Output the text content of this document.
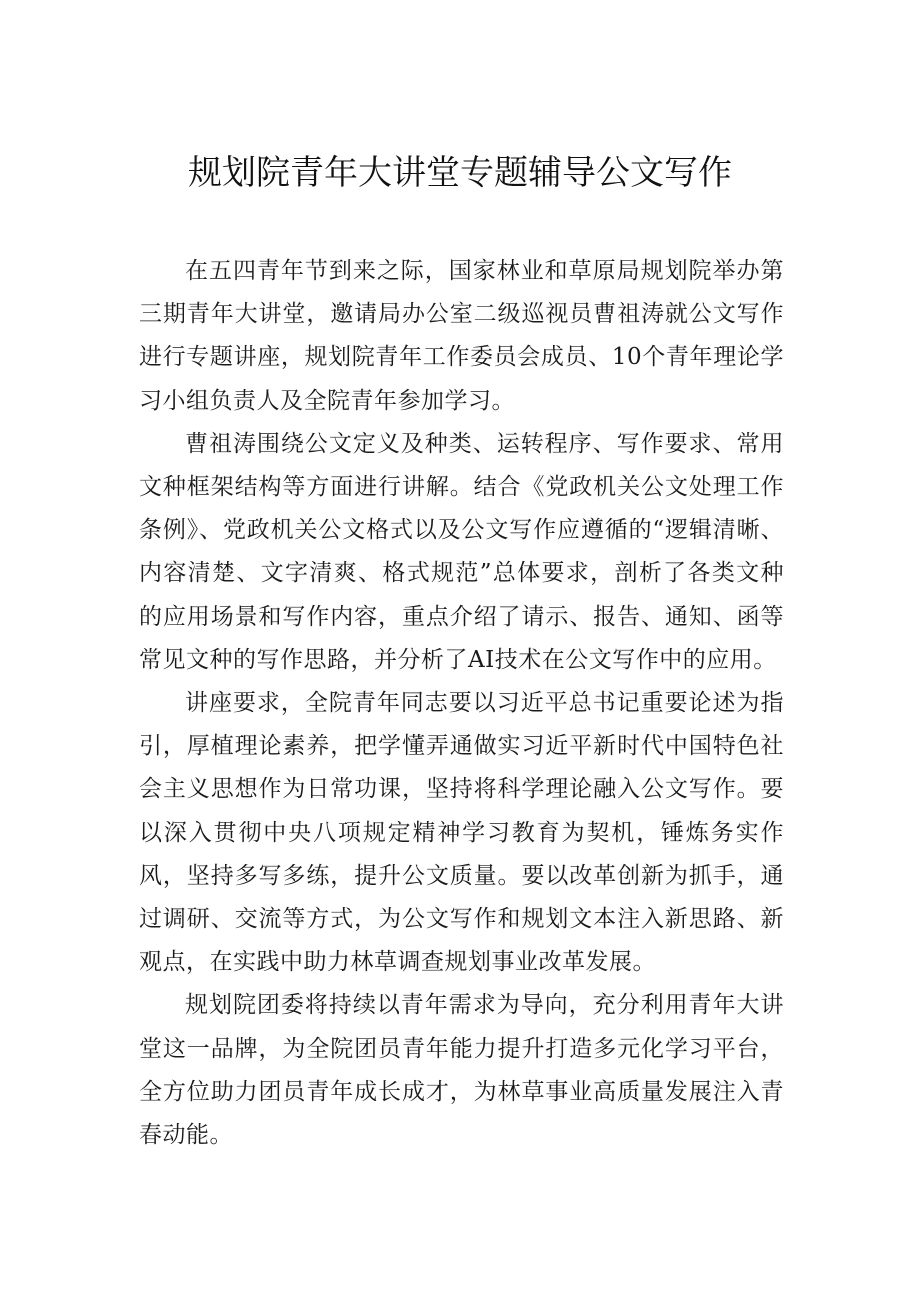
规划院青年大讲堂专题辅导公文写作

在五四青年节到来之际，国家林业和草原局规划院举办第三期青年大讲堂，邀请局办公室二级巡视员曹祖涛就公文写作进行专题讲座，规划院青年工作委员会成员、10个青年理论学习小组负责人及全院青年参加学习。

曹祖涛围绕公文定义及种类、运转程序、写作要求、常用文种框架结构等方面进行讲解。结合《党政机关公文处理工作条例》、党政机关公文格式以及公文写作应遵循的“逻辑清晰、内容清楚、文字清爽、格式规范”总体要求，剖析了各类文种的应用场景和写作内容，重点介绍了请示、报告、通知、函等常见文种的写作思路，并分析了AI技术在公文写作中的应用。

讲座要求，全院青年同志要以习近平总书记重要论述为指引，厚植理论素养，把学懂弄通做实习近平新时代中国特色社会主义思想作为日常功课，坚持将科学理论融入公文写作。要以深入贯彻中央八项规定精神学习教育为契机，锤炼务实作风，坚持多写多练，提升公文质量。要以改革创新为抓手，通过调研、交流等方式，为公文写作和规划文本注入新思路、新观点，在实践中助力林草调查规划事业改革发展。

规划院团委将持续以青年需求为导向，充分利用青年大讲堂这一品牌，为全院团员青年能力提升打造多元化学习平台，全方位助力团员青年成长成才，为林草事业高质量发展注入青春动能。
